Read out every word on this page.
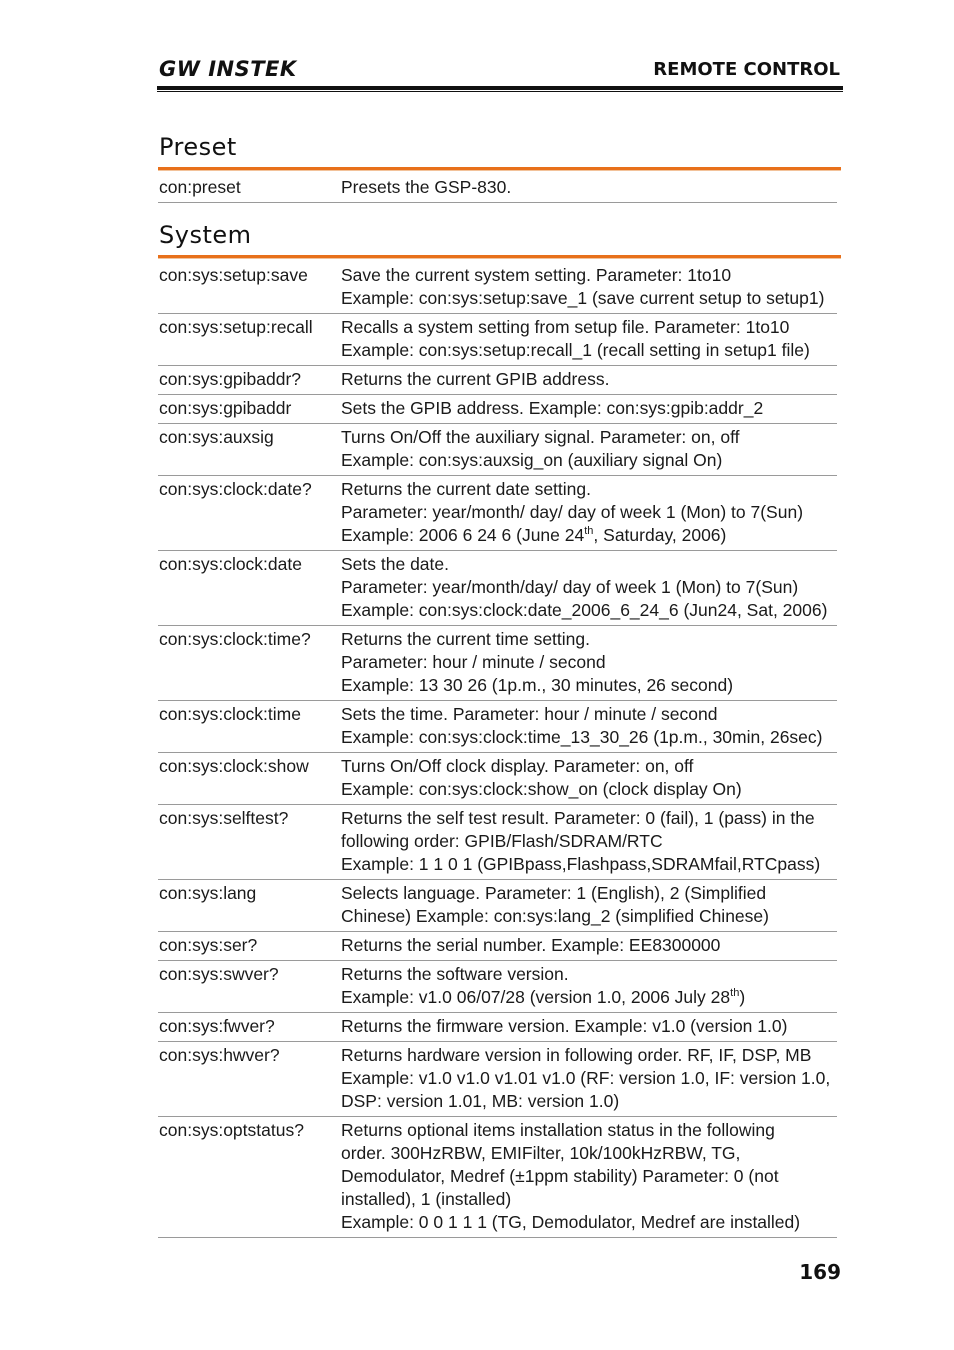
GW INSTEK	REMOTE CONTROL
Preset
con:preset	Presets the GSP-830.
System
con:sys:setup:save	Save the current system setting. Parameter: 1to10
Example: con:sys:setup:save_1 (save current setup to setup1)

con:sys:setup:recall	Recalls a system setting from setup file. Parameter: 1to10
Example: con:sys:setup:recall_1 (recall setting in setup1 file)

con:sys:gpibaddr?	Returns the current GPIB address.

con:sys:gpibaddr	Sets the GPIB address. Example: con:sys:gpib:addr_2

con:sys:auxsig	Turns On/Off the auxiliary signal. Parameter: on, off
Example: con:sys:auxsig_on (auxiliary signal On)

con:sys:clock:date?	Returns the current date setting.
Parameter: year/month/ day/ day of week 1 (Mon) to 7(Sun)
Example: 2006 6 24 6 (June 24th, Saturday, 2006)

con:sys:clock:date	Sets the date.
Parameter: year/month/day/ day of week 1 (Mon) to 7(Sun)
Example: con:sys:clock:date_2006_6_24_6 (Jun24, Sat, 2006)

con:sys:clock:time?	Returns the current time setting.
Parameter: hour / minute / second
Example: 13 30 26 (1p.m., 30 minutes, 26 second)

con:sys:clock:time	Sets the time. Parameter: hour / minute / second
Example: con:sys:clock:time_13_30_26 (1p.m., 30min, 26sec)

con:sys:clock:show	Turns On/Off clock display. Parameter: on, off
Example: con:sys:clock:show_on (clock display On)

con:sys:selftest?	Returns the self test result. Parameter: 0 (fail), 1 (pass) in the
following order: GPIB/Flash/SDRAM/RTC
Example: 1 1 0 1 (GPIBpass,Flashpass,SDRAMfail,RTCpass)

con:sys:lang	Selects language. Parameter: 1 (English), 2 (Simplified
Chinese) Example: con:sys:lang_2 (simplified Chinese)

con:sys:ser?	Returns the serial number. Example: EE8300000

con:sys:swver?	Returns the software version.
Example: v1.0 06/07/28 (version 1.0, 2006 July 28th)

con:sys:fwver?	Returns the firmware version. Example: v1.0 (version 1.0)

con:sys:hwver?	Returns hardware version in following order. RF, IF, DSP, MB
Example: v1.0 v1.0 v1.01 v1.0 (RF: version 1.0, IF: version 1.0,
DSP: version 1.01, MB: version 1.0)

con:sys:optstatus?	Returns optional items installation status in the following
order. 300HzRBW, EMIFilter, 10k/100kHzRBW, TG,
Demodulator, Medref (±1ppm stability) Parameter: 0 (not
installed), 1 (installed)
Example: 0 0 1 1 1 (TG, Demodulator, Medref are installed)
169
